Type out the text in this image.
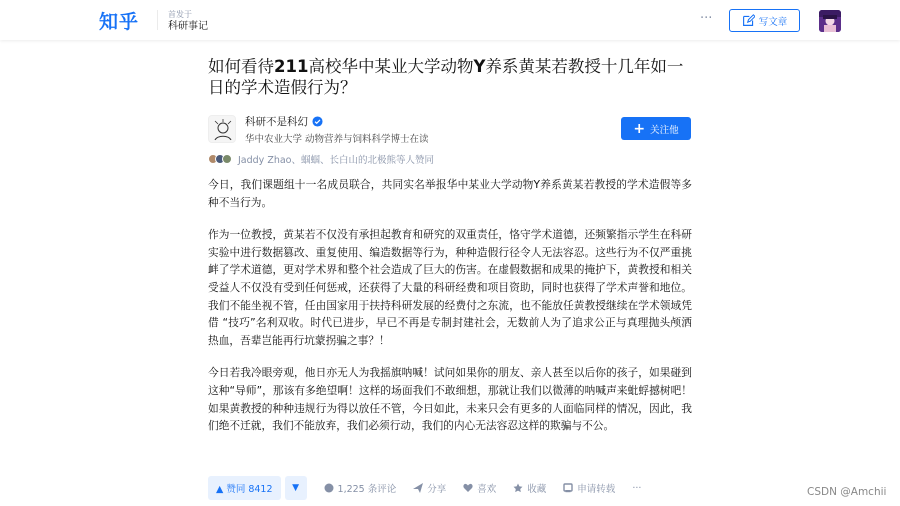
知乎	首发于
科研事记
···	写文章
如何看待211高校华中某业大学动物Y养系黄某若教授十几年如一日的学术造假行为？
科研不是科幻
华中农业大学 动物营养与饲料科学博士在读
+ 关注他
Jaddy Zhao、蝈蝈、长白山的北极熊等人赞同

今日，我们课题组十一名成员联合，共同实名举报华中某业大学动物Y养系黄某若教授的学术造假等多种不当行为。

作为一位教授，黄某若不仅没有承担起教育和研究的双重责任，恪守学术道德，还频繁指示学生在科研实验中进行数据篡改、重复使用、编造数据等行为，种种造假行径令人无法容忍。这些行为不仅严重挑衅了学术道德，更对学术界和整个社会造成了巨大的伤害。在虚假数据和成果的掩护下，黄教授和相关受益人不仅没有受到任何惩戒，还获得了大量的科研经费和项目资助，同时也获得了学术声誉和地位。我们不能坐视不管，任由国家用于扶持科研发展的经费付之东流，也不能放任黄教授继续在学术领域凭借 “技巧”名利双收。时代已进步，早已不再是专制封建社会，无数前人为了追求公正与真理抛头颅洒热血，吾辈岂能再行坑蒙拐骗之事？！

今日若我冷眼旁观，他日亦无人为我摇旗呐喊！试问如果你的朋友、亲人甚至以后你的孩子，如果碰到这种“导师”，那该有多绝望啊！这样的场面我们不敢细想，那就让我们以微薄的呐喊声来蚍蜉撼树吧！如果黄教授的种种违规行为得以放任不管，今日如此，未来只会有更多的人面临同样的情况，因此，我们绝不迁就，我们不能放弃，我们必须行动，我们的内心无法容忍这样的欺骗与不公。

▲ 赞同 8412	▼	1,225 条评论	分享	喜欢	收藏	申请转载 ···	CSDN @Amchii
